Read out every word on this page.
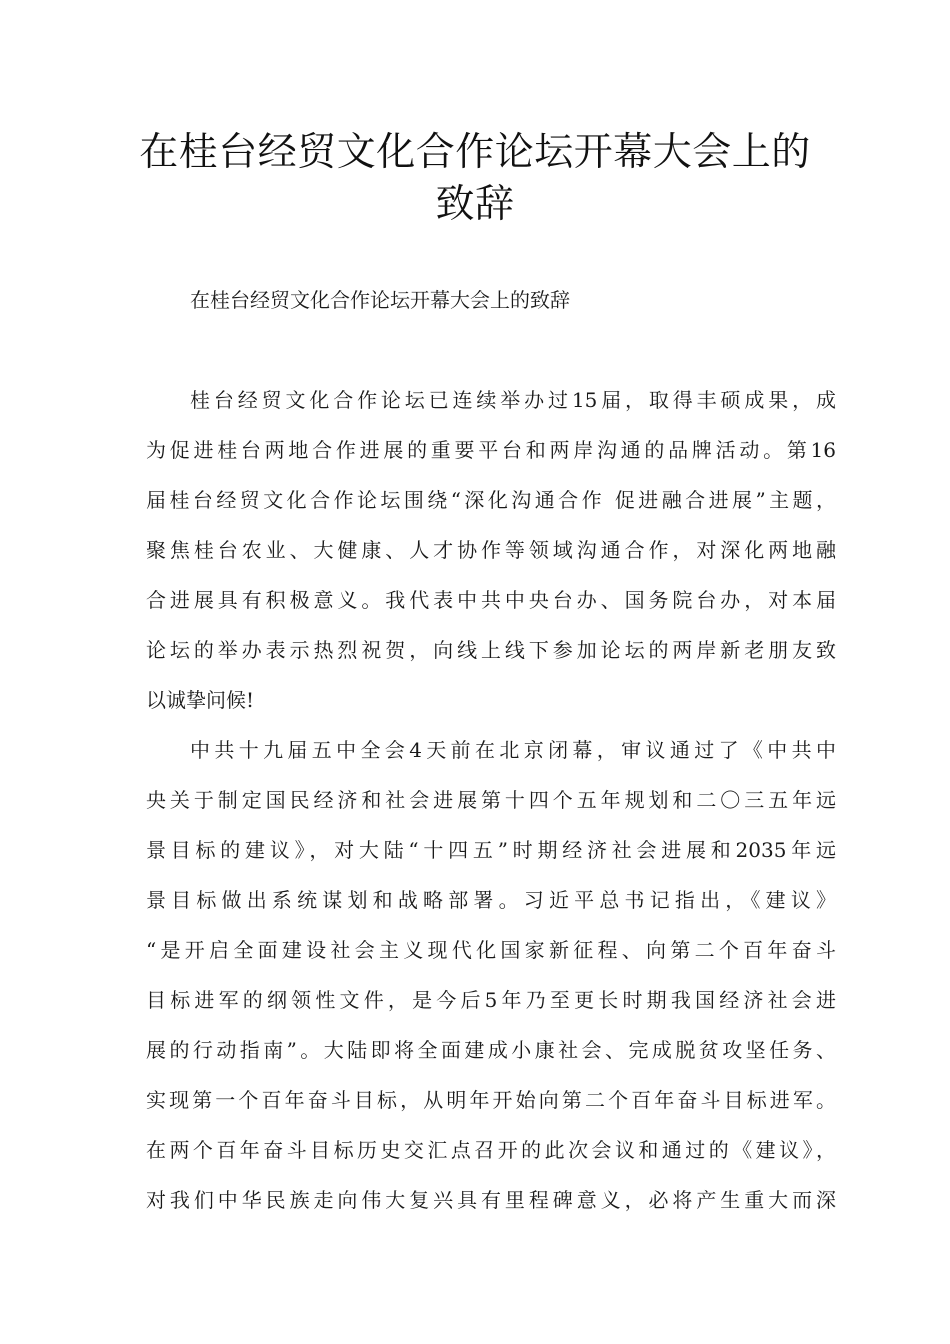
在桂台经贸文化合作论坛开幕大会上的
致辞
在桂台经贸文化合作论坛开幕大会上的致辞
桂台经贸文化合作论坛已连续举办过15届，取得丰硕成果，成
为促进桂台两地合作进展的重要平台和两岸沟通的品牌活动。第16
届桂台经贸文化合作论坛围绕“深化沟通合作 促进融合进展”主题，
聚焦桂台农业、大健康、人才协作等领域沟通合作，对深化两地融
合进展具有积极意义。我代表中共中央台办、国务院台办，对本届
论坛的举办表示热烈祝贺，向线上线下参加论坛的两岸新老朋友致
以诚挚问候!
中共十九届五中全会4天前在北京闭幕，审议通过了《中共中
央关于制定国民经济和社会进展第十四个五年规划和二〇三五年远
景目标的建议》，对大陆“十四五”时期经济社会进展和2035年远
景目标做出系统谋划和战略部署。习近平总书记指出，《建议》
“是开启全面建设社会主义现代化国家新征程、向第二个百年奋斗
目标进军的纲领性文件，是今后5年乃至更长时期我国经济社会进
展的行动指南”。大陆即将全面建成小康社会、完成脱贫攻坚任务、
实现第一个百年奋斗目标，从明年开始向第二个百年奋斗目标进军。
在两个百年奋斗目标历史交汇点召开的此次会议和通过的《建议》，
对我们中华民族走向伟大复兴具有里程碑意义，必将产生重大而深
